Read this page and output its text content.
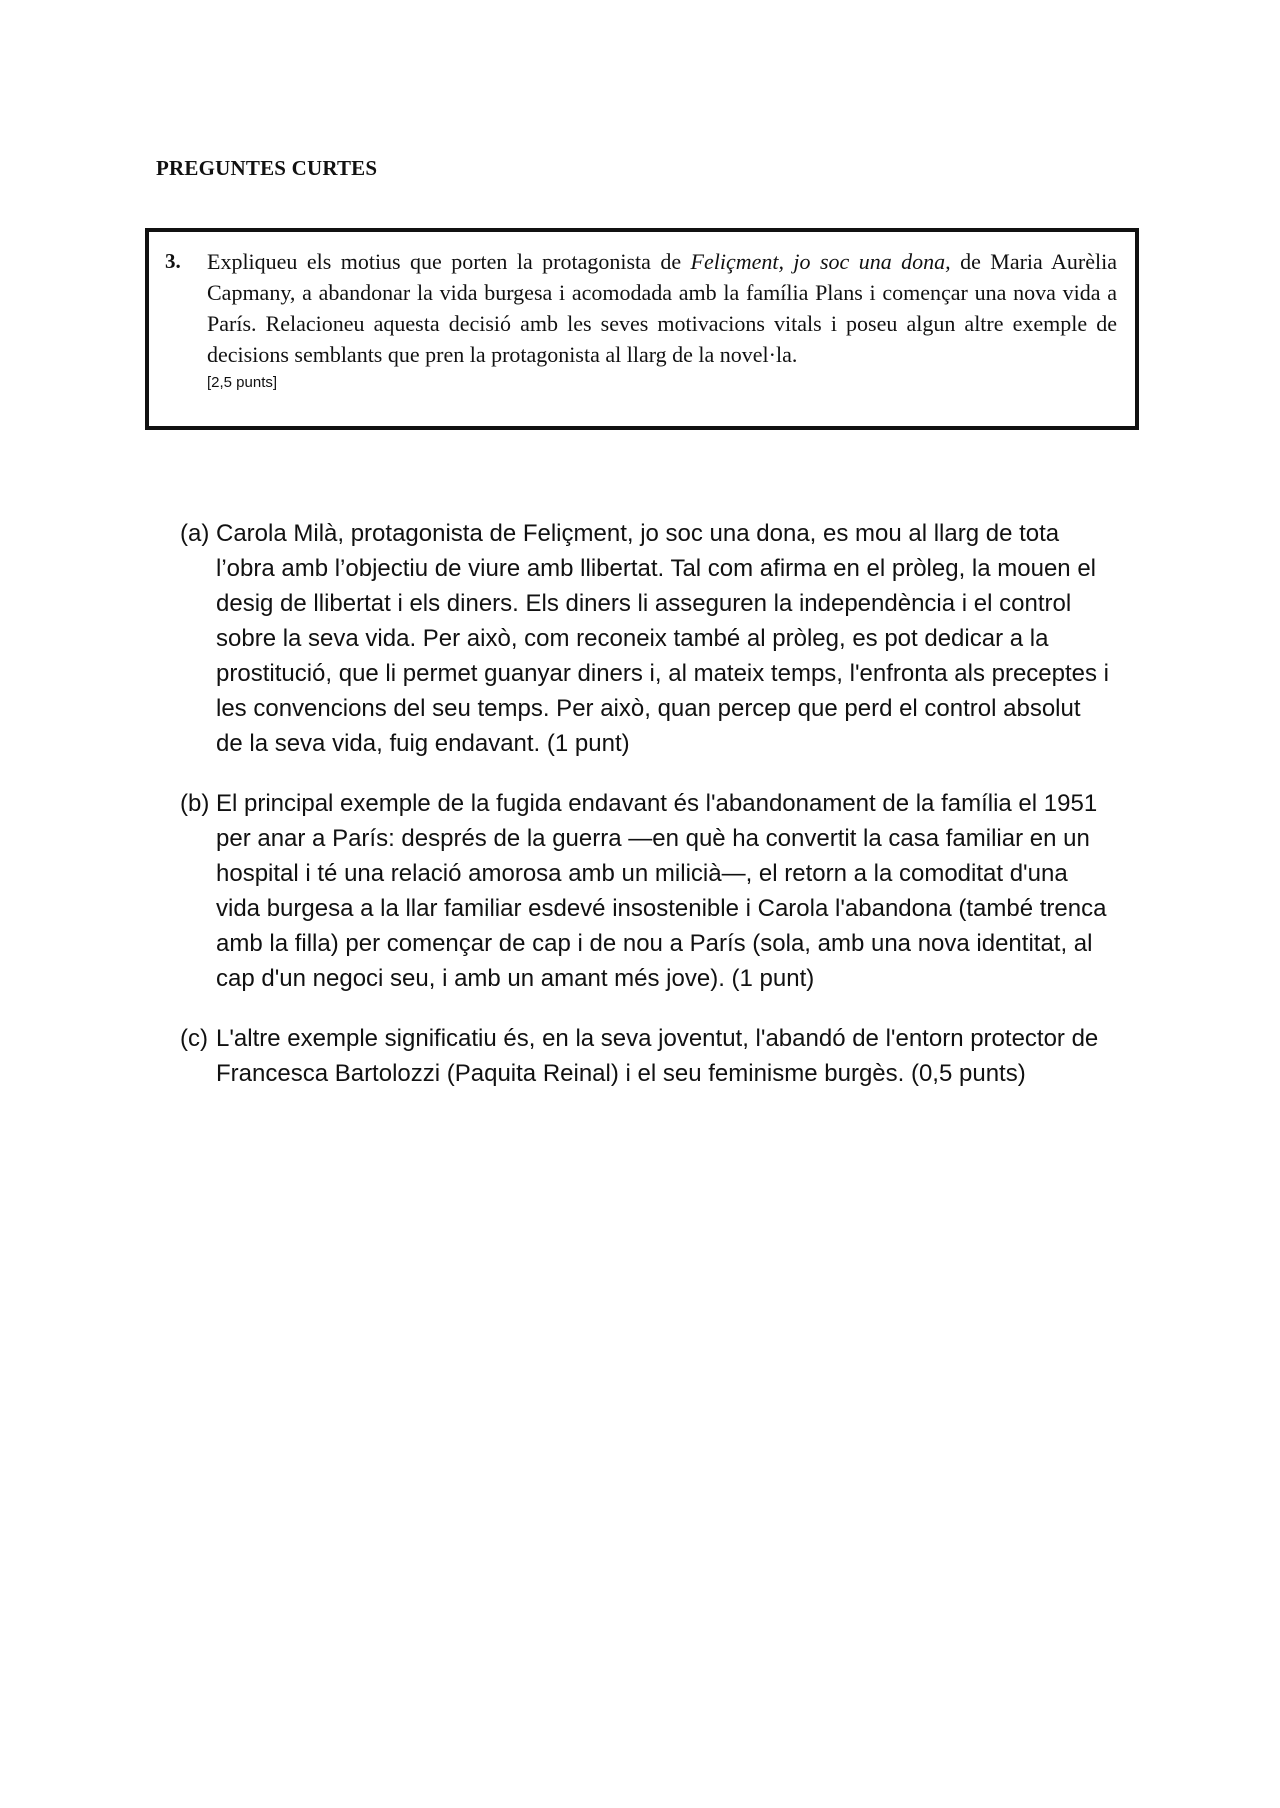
PREGUNTES CURTES
3.	Expliqueu els motius que porten la protagonista de Feliçment, jo soc una dona, de Maria Aurèlia Capmany, a abandonar la vida burgesa i acomodada amb la família Plans i començar una nova vida a París. Relacioneu aquesta decisió amb les seves motivacions vitals i poseu algun altre exemple de decisions semblants que pren la protagonista al llarg de la novel·la.
[2,5 punts]
(a) Carola Milà, protagonista de Feliçment, jo soc una dona, es mou al llarg de tota l’obra amb l’objectiu de viure amb llibertat. Tal com afirma en el pròleg, la mouen el desig de llibertat i els diners. Els diners li asseguren la independència i el control sobre la seva vida. Per això, com reconeix també al pròleg, es pot dedicar a la prostitució, que li permet guanyar diners i, al mateix temps, l'enfronta als preceptes i les convencions del seu temps. Per això, quan percep que perd el control absolut de la seva vida, fuig endavant. (1 punt)
(b) El principal exemple de la fugida endavant és l'abandonament de la família el 1951 per anar a París: després de la guerra —en què ha convertit la casa familiar en un hospital i té una relació amorosa amb un milicià—, el retorn a la comoditat d'una vida burgesa a la llar familiar esdevé insostenible i Carola l'abandona (també trenca amb la filla) per començar de cap i de nou a París (sola, amb una nova identitat, al cap d'un negoci seu, i amb un amant més jove). (1 punt)
(c) L'altre exemple significatiu és, en la seva joventut, l'abandó de l'entorn protector de Francesca Bartolozzi (Paquita Reinal) i el seu feminisme burgès. (0,5 punts)
